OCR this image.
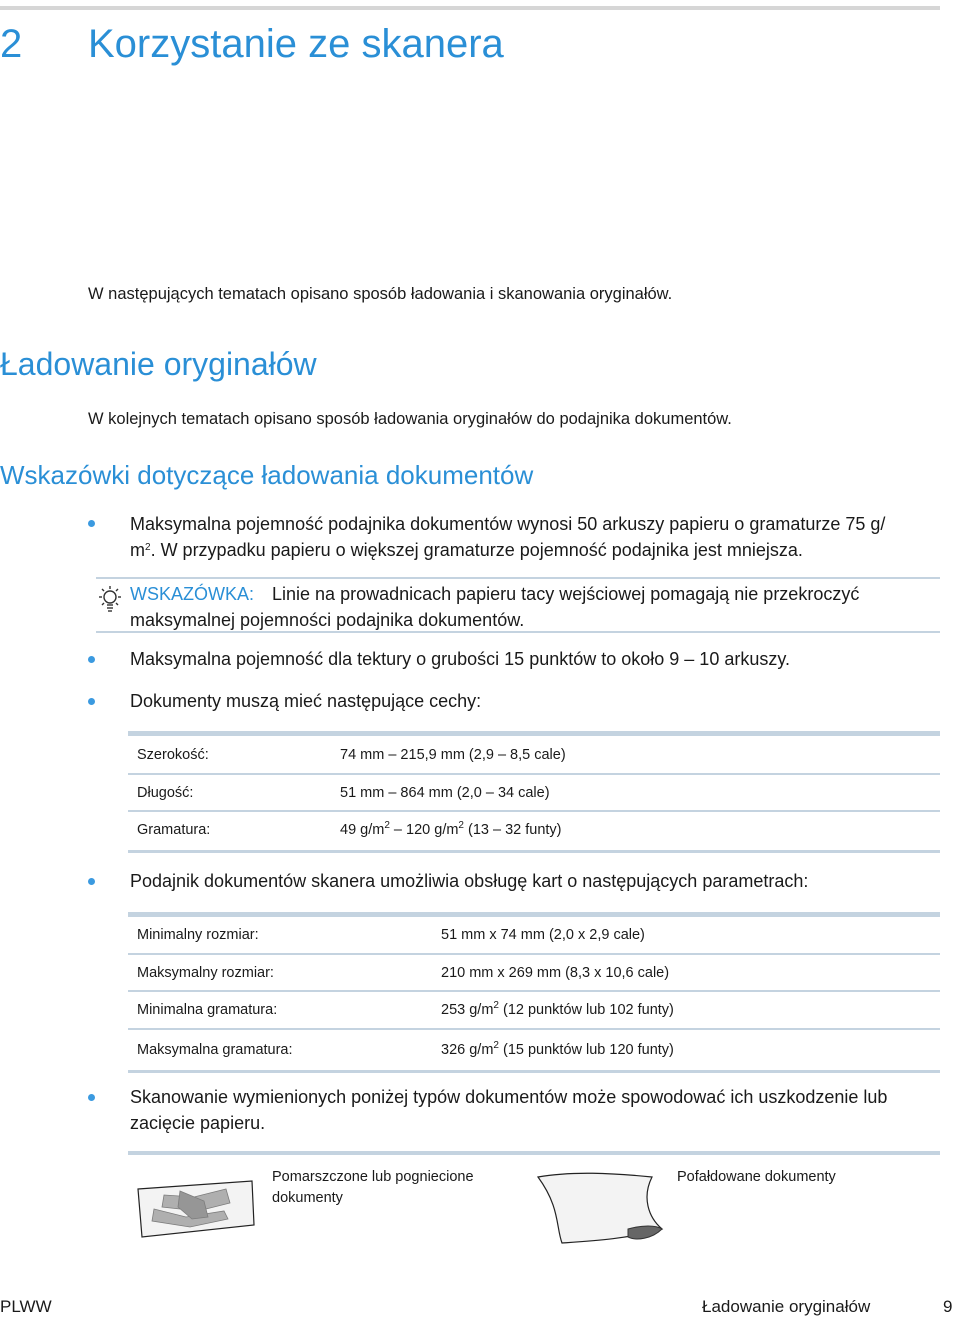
2 Korzystanie ze skanera
W następujących tematach opisano sposób ładowania i skanowania oryginałów.
Ładowanie oryginałów
W kolejnych tematach opisano sposób ładowania oryginałów do podajnika dokumentów.
Wskazówki dotyczące ładowania dokumentów
Maksymalna pojemność podajnika dokumentów wynosi 50 arkuszy papieru o gramaturze 75 g/
$m^2$. W przypadku papieru o większej gramaturze pojemność podajnika jest mniejsza.
WSKAZÓWKA: Linie na prowadnicach papieru tacy wejściowej pomagają nie przekroczyć maksymalnej pojemności podajnika dokumentów.
Maksymalna pojemność dla tektury o grubości 15 punktów to około 9 – 10 arkuszy.
Dokumenty muszą mieć następujące cechy:
Szerokość:	74 mm – 215,9 mm (2,9 – 8,5 cale)
Długość:	51 mm – 864 mm (2,0 – 34 cale)
Gramatura:	49 $g/m^2 - 120$ $g/m^2$ (13 – 32 funty)
Podajnik dokumentów skanera umożliwia obsługę kart o następujących parametrach:
Minimalny rozmiar:	51 mm x 74 mm (2,0 x 2,9 cale)
Maksymalny rozmiar:	210 mm x 269 mm (8,3 x 10,6 cale)
Minimalna gramatura:	253 $g/m^2$ (12 punktów lub 102 funty)
Maksymalna gramatura:	326 $g/m^2$ (15 punktów lub 120 funty)
Skanowanie wymienionych poniżej typów dokumentów może spowodować ich uszkodzenie lub zacięcie papieru.
Pomarszczone lub pogniecione dokumenty
Pofałdowane dokumenty
PLWW	Ładowanie oryginałów	9
